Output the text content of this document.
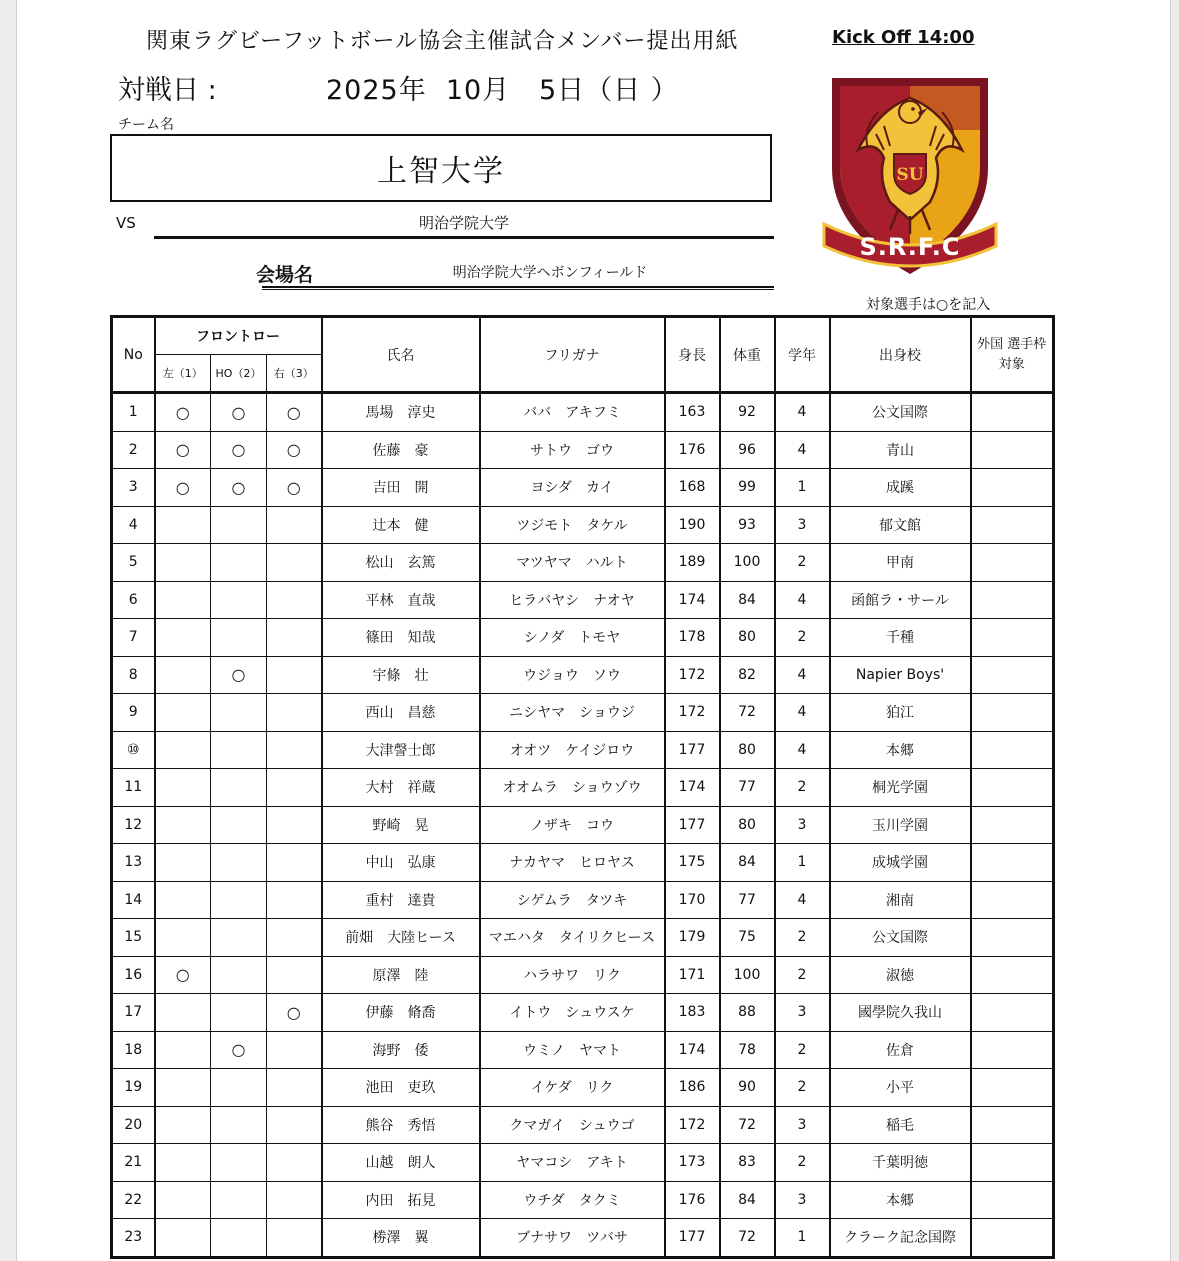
関東ラグビーフットボール協会主催試合メンバー提出用紙	Kick Off 14:00
対戦日 :	2025年  10月   5日（日 ）
チーム名
上智大学
VS	明治学院大学
会場名	明治学院大学ヘボンフィールド
対象選手は○を記入
SU
S.R.F.C
No	フロントロー			氏名	フリガナ	身長	体重	学年	出身校	外国 選手枠 対象
	左（1）	HO（2）	右（3）							
1	○	○	○	馬場　淳史	ババ　アキフミ	163	92	4	公文国際	
2	○	○	○	佐藤　豪	サトウ　ゴウ	176	96	4	青山	
3	○	○	○	吉田　開	ヨシダ　カイ	168	99	1	成蹊	
4				辻本　健	ツジモト　タケル	190	93	3	郁文館	
5				松山　玄篤	マツヤマ　ハルト	189	100	2	甲南	
6				平林　直哉	ヒラバヤシ　ナオヤ	174	84	4	函館ラ・サール	
7				篠田　知哉	シノダ　トモヤ	178	80	2	千種	
8		○		宇條　壮	ウジョウ　ソウ	172	82	4	Napier Boys'	
9				西山　昌慈	ニシヤマ　ショウジ	172	72	4	狛江	
⑩				大津謦士郎	オオツ　ケイジロウ	177	80	4	本郷	
11				大村　祥蔵	オオムラ　ショウゾウ	174	77	2	桐光学園	
12				野崎　晃	ノザキ　コウ	177	80	3	玉川学園	
13				中山　弘康	ナカヤマ　ヒロヤス	175	84	1	成城学園	
14				重村　達貴	シゲムラ　タツキ	170	77	4	湘南	
15				前畑　大陸ヒース	マエハタ　タイリクヒース	179	75	2	公文国際	
16	○			原澤　陸	ハラサワ　リク	171	100	2	淑徳	
17			○	伊藤　脩喬	イトウ　シュウスケ	183	88	3	國學院久我山	
18		○		海野　倭	ウミノ　ヤマト	174	78	2	佐倉	
19				池田　吏玖	イケダ　リク	186	90	2	小平	
20				熊谷　秀悟	クマガイ　シュウゴ	172	72	3	稲毛	
21				山越　朗人	ヤマコシ　アキト	173	83	2	千葉明徳	
22				内田　拓見	ウチダ　タクミ	176	84	3	本郷	
23				椦澤　翼	ブナサワ　ツバサ	177	72	1	クラーク記念国際	
